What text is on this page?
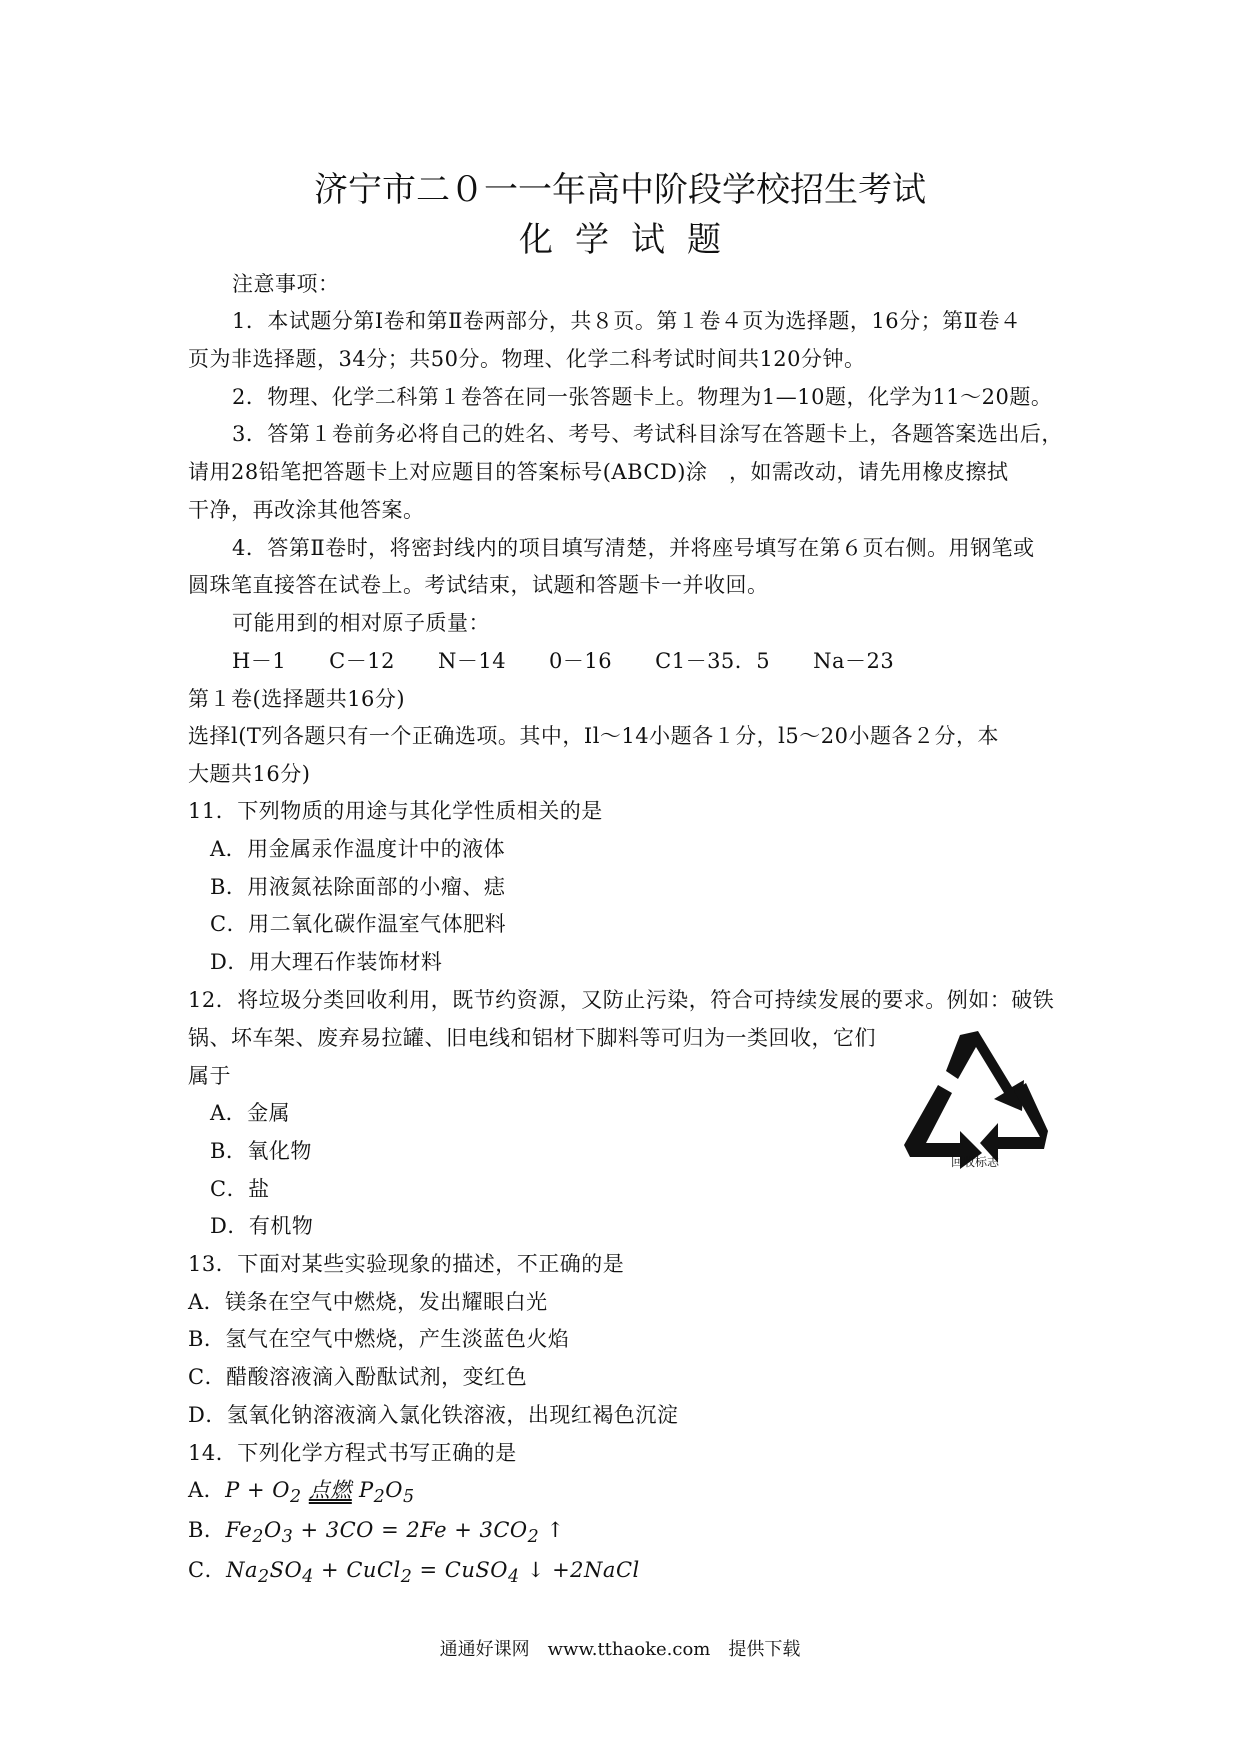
济宁市二０一一年高中阶段学校招生考试
化学试题
注意事项：
1．本试题分第Ⅰ卷和第Ⅱ卷两部分，共８页。第１卷４页为选择题，16分；第Ⅱ卷４
页为非选择题，34分；共50分。物理、化学二科考试时间共120分钟。
2．物理、化学二科第１卷答在同一张答题卡上。物理为1—10题，化学为11～20题。
3．答第１卷前务必将自己的姓名、考号、考试科目涂写在答题卡上，各题答案选出后，
请用28铅笔把答题卡上对应题目的答案标号(ABCD)涂　，如需改动，请先用橡皮擦拭
干净，再改涂其他答案。
4．答第Ⅱ卷时，将密封线内的项目填写清楚，并将座号填写在第６页右侧。用钢笔或
圆珠笔直接答在试卷上。考试结束，试题和答题卡一并收回。
可能用到的相对原子质量：
H－1　　C－12　　N－14　　0－16　　C1－35．5　　Na－23
第１卷(选择题共16分)
选择l(T列各题只有一个正确选项。其中，Il～14小题各１分，l5～20小题各２分，本
大题共16分)
11．下列物质的用途与其化学性质相关的是
A．用金属汞作温度计中的液体
B．用液氮祛除面部的小瘤、痣
C．用二氧化碳作温室气体肥料
D．用大理石作装饰材料
12．将垃圾分类回收利用，既节约资源，又防止污染，符合可持续发展的要求。例如：破铁
锅、坏车架、废弃易拉罐、旧电线和铝材下脚料等可归为一类回收，它们
属于
A．金属
B．氧化物
C．盐
D．有机物
回收标志
13．下面对某些实验现象的描述，不正确的是
A．镁条在空气中燃烧，发出耀眼白光
B．氢气在空气中燃烧，产生淡蓝色火焰
C．醋酸溶液滴入酚酞试剂，变红色
D．氢氧化钠溶液滴入氯化铁溶液，出现红褐色沉淀
14．下列化学方程式书写正确的是
A．$P + O_2$ 点燃 $P_2O_5$
B．$Fe_2O_3 + 3CO = 2Fe + 3CO_2$ ↑
C．$Na_2SO_4$ + CuCl$_2$ = CuSO$_4$ ↓ +2NaCl
通通好课网　www.tthaoke.com　提供下载
